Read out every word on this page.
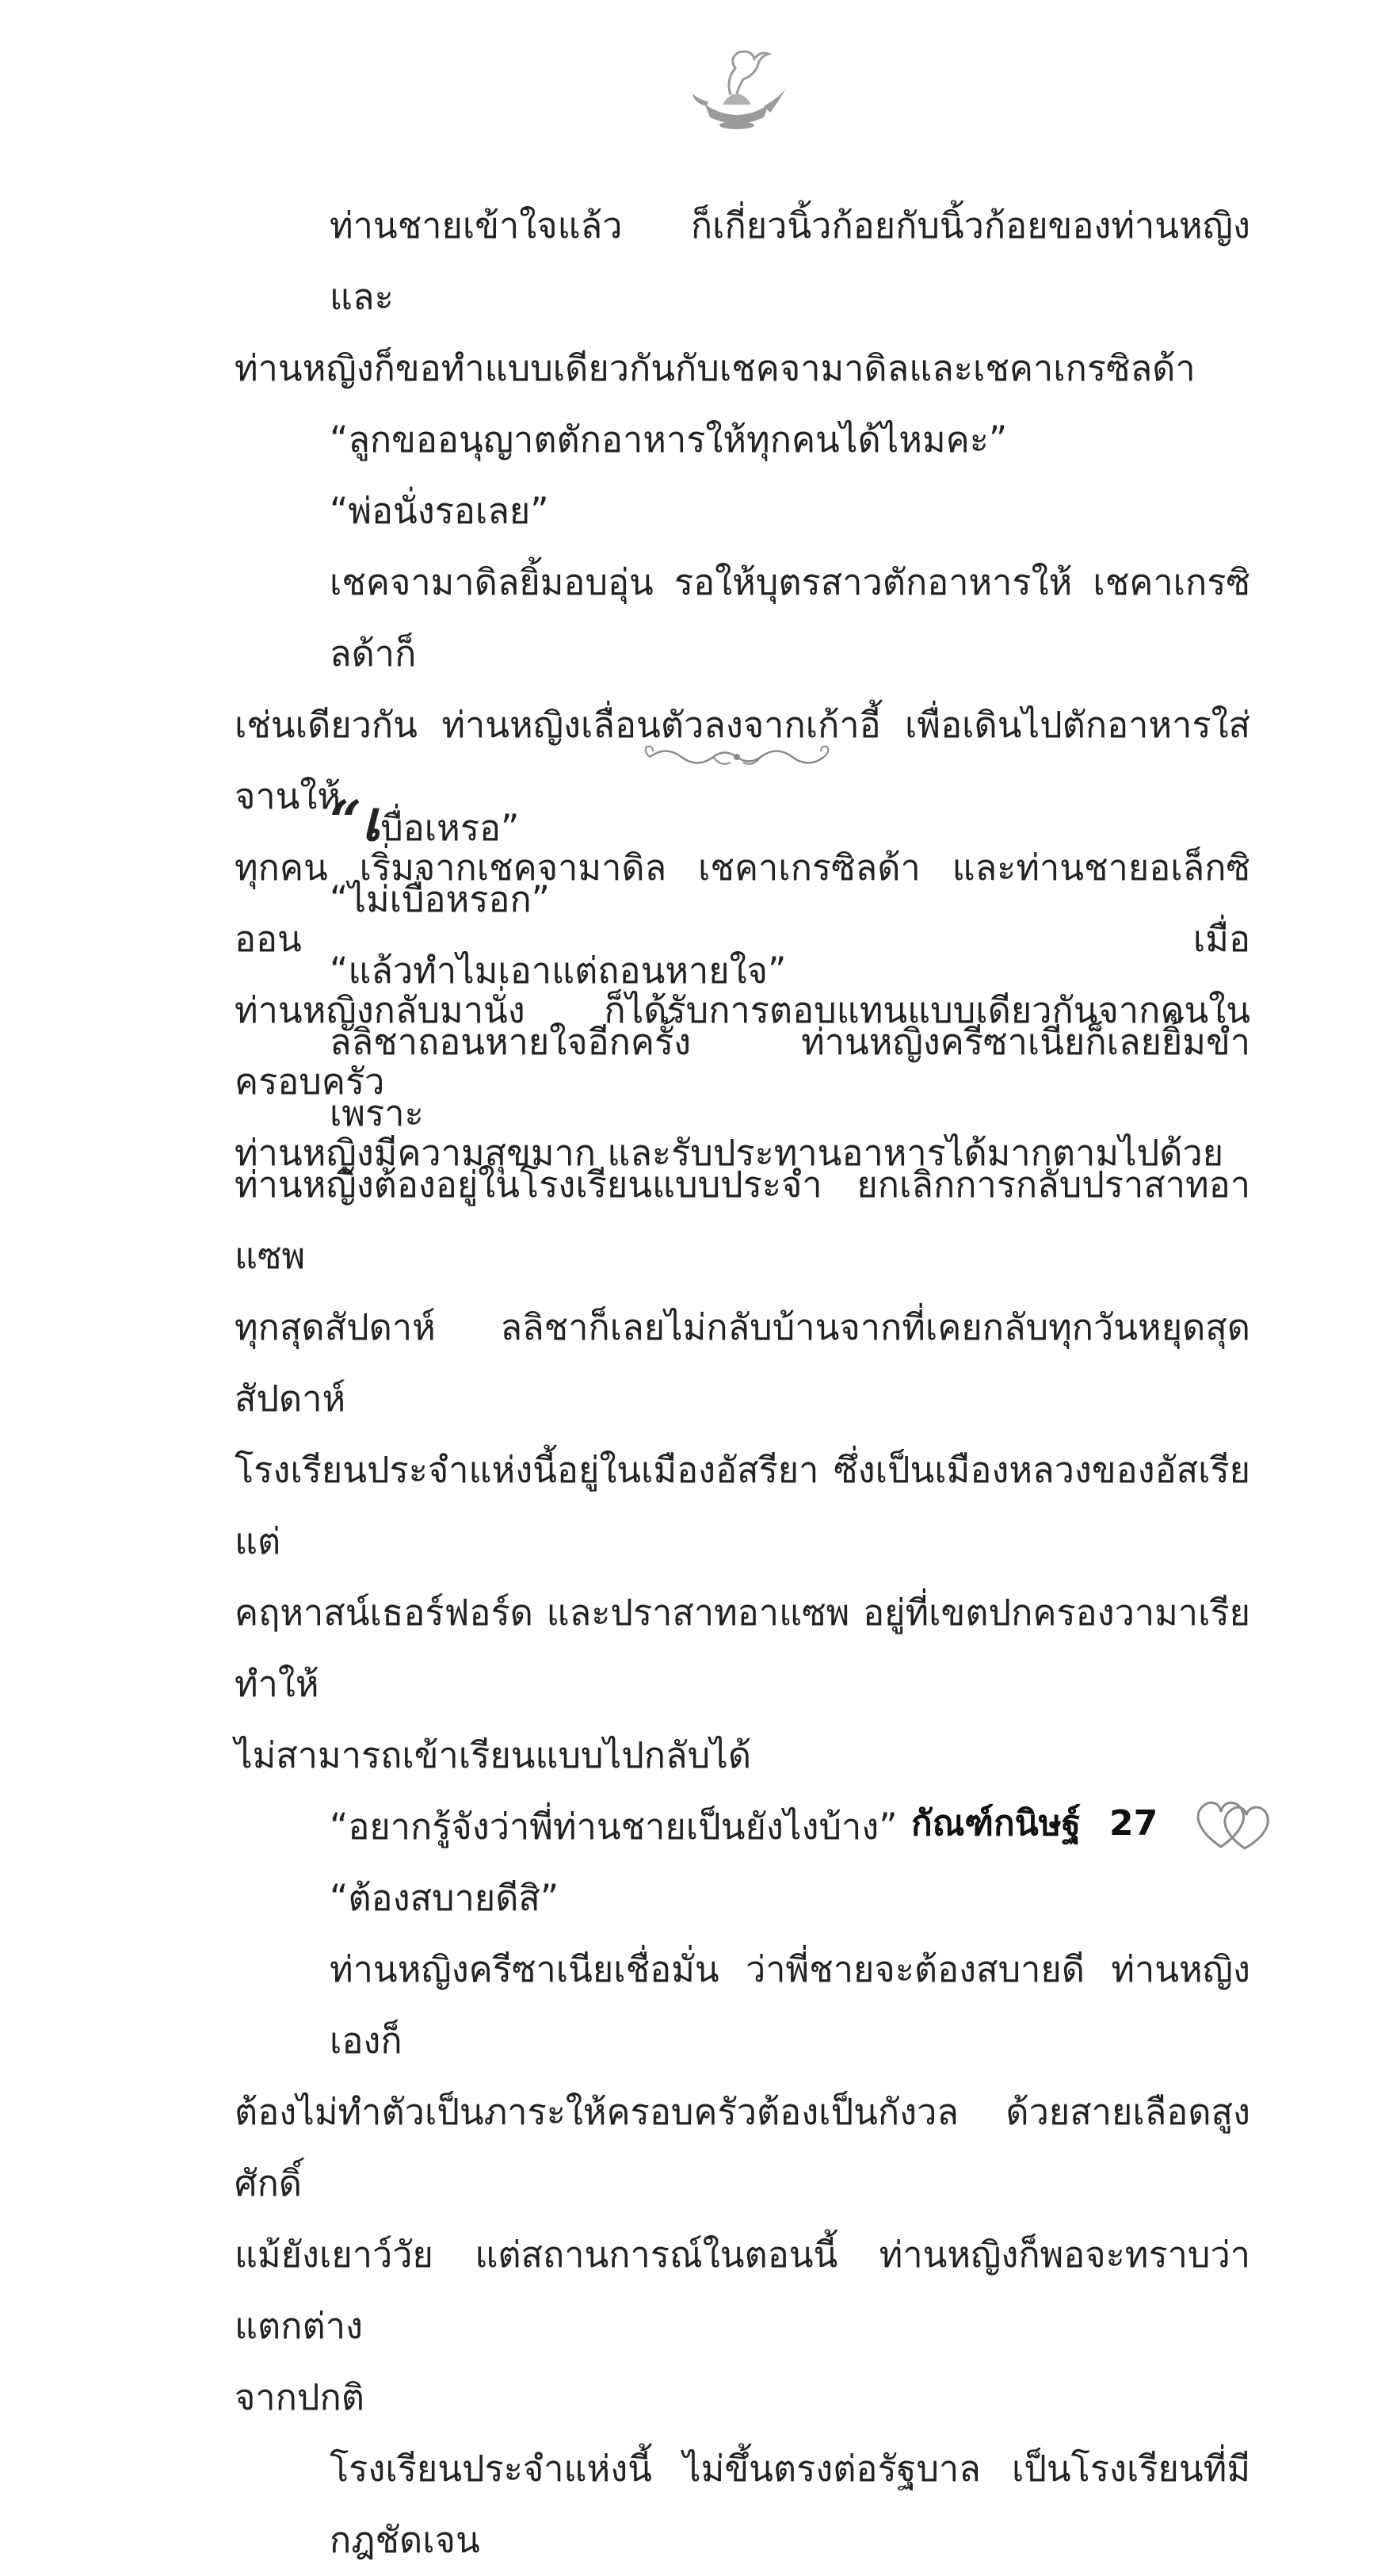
ท่านชายเข้าใจแล้ว ก็เกี่ยวนิ้วก้อยกับนิ้วก้อยของท่านหญิง และ

ท่านหญิงก็ขอทำแบบเดียวกันกับเชคจามาดิลและเชคาเกรซิลด้า

“ลูกขออนุญาตตักอาหารให้ทุกคนได้ไหมคะ”

“พ่อนั่งรอเลย”

เชคจามาดิลยิ้มอบอุ่น รอให้บุตรสาวตักอาหารให้ เชคาเกรซิลด้าก็

เช่นเดียวกัน ท่านหญิงเลื่อนตัวลงจากเก้าอี้ เพื่อเดินไปตักอาหารใส่จานให้

ทุกคน เริ่มจากเชคจามาดิล เชคาเกรซิลด้า และท่านชายอเล็กซิออน เมื่อ

ท่านหญิงกลับมานั่ง ก็ได้รับการตอบแทนแบบเดียวกันจากคนในครอบครัว

ท่านหญิงมีความสุขมาก และรับประทานอาหารได้มากตามไปด้วย

“เบื่อเหรอ”

“ไม่เบื่อหรอก”

“แล้วทำไมเอาแต่ถอนหายใจ”

ลลิชาถอนหายใจอีกครั้ง ท่านหญิงครีซาเนียก็เลยยิ้มขำ เพราะ

ท่านหญิงต้องอยู่ในโรงเรียนแบบประจำ ยกเลิกการกลับปราสาทอาแซพ

ทุกสุดสัปดาห์ ลลิชาก็เลยไม่กลับบ้านจากที่เคยกลับทุกวันหยุดสุดสัปดาห์

โรงเรียนประจำแห่งนี้อยู่ในเมืองอัสรียา ซึ่งเป็นเมืองหลวงของอัสเรีย แต่

คฤหาสน์เธอร์ฟอร์ด และปราสาทอาแซพ อยู่ที่เขตปกครองวามาเรีย ทำให้

ไม่สามารถเข้าเรียนแบบไปกลับได้

“อยากรู้จังว่าพี่ท่านชายเป็นยังไงบ้าง”

“ต้องสบายดีสิ”

ท่านหญิงครีซาเนียเชื่อมั่น ว่าพี่ชายจะต้องสบายดี ท่านหญิงเองก็

ต้องไม่ทำตัวเป็นภาระให้ครอบครัวต้องเป็นกังวล ด้วยสายเลือดสูงศักดิ์

แม้ยังเยาว์วัย แต่สถานการณ์ในตอนนี้ ท่านหญิงก็พอจะทราบว่าแตกต่าง

จากปกติ

โรงเรียนประจำแห่งนี้ ไม่ขึ้นตรงต่อรัฐบาล เป็นโรงเรียนที่มีกฎชัดเจน

กัณฑ์กนิษฐ์ 27
